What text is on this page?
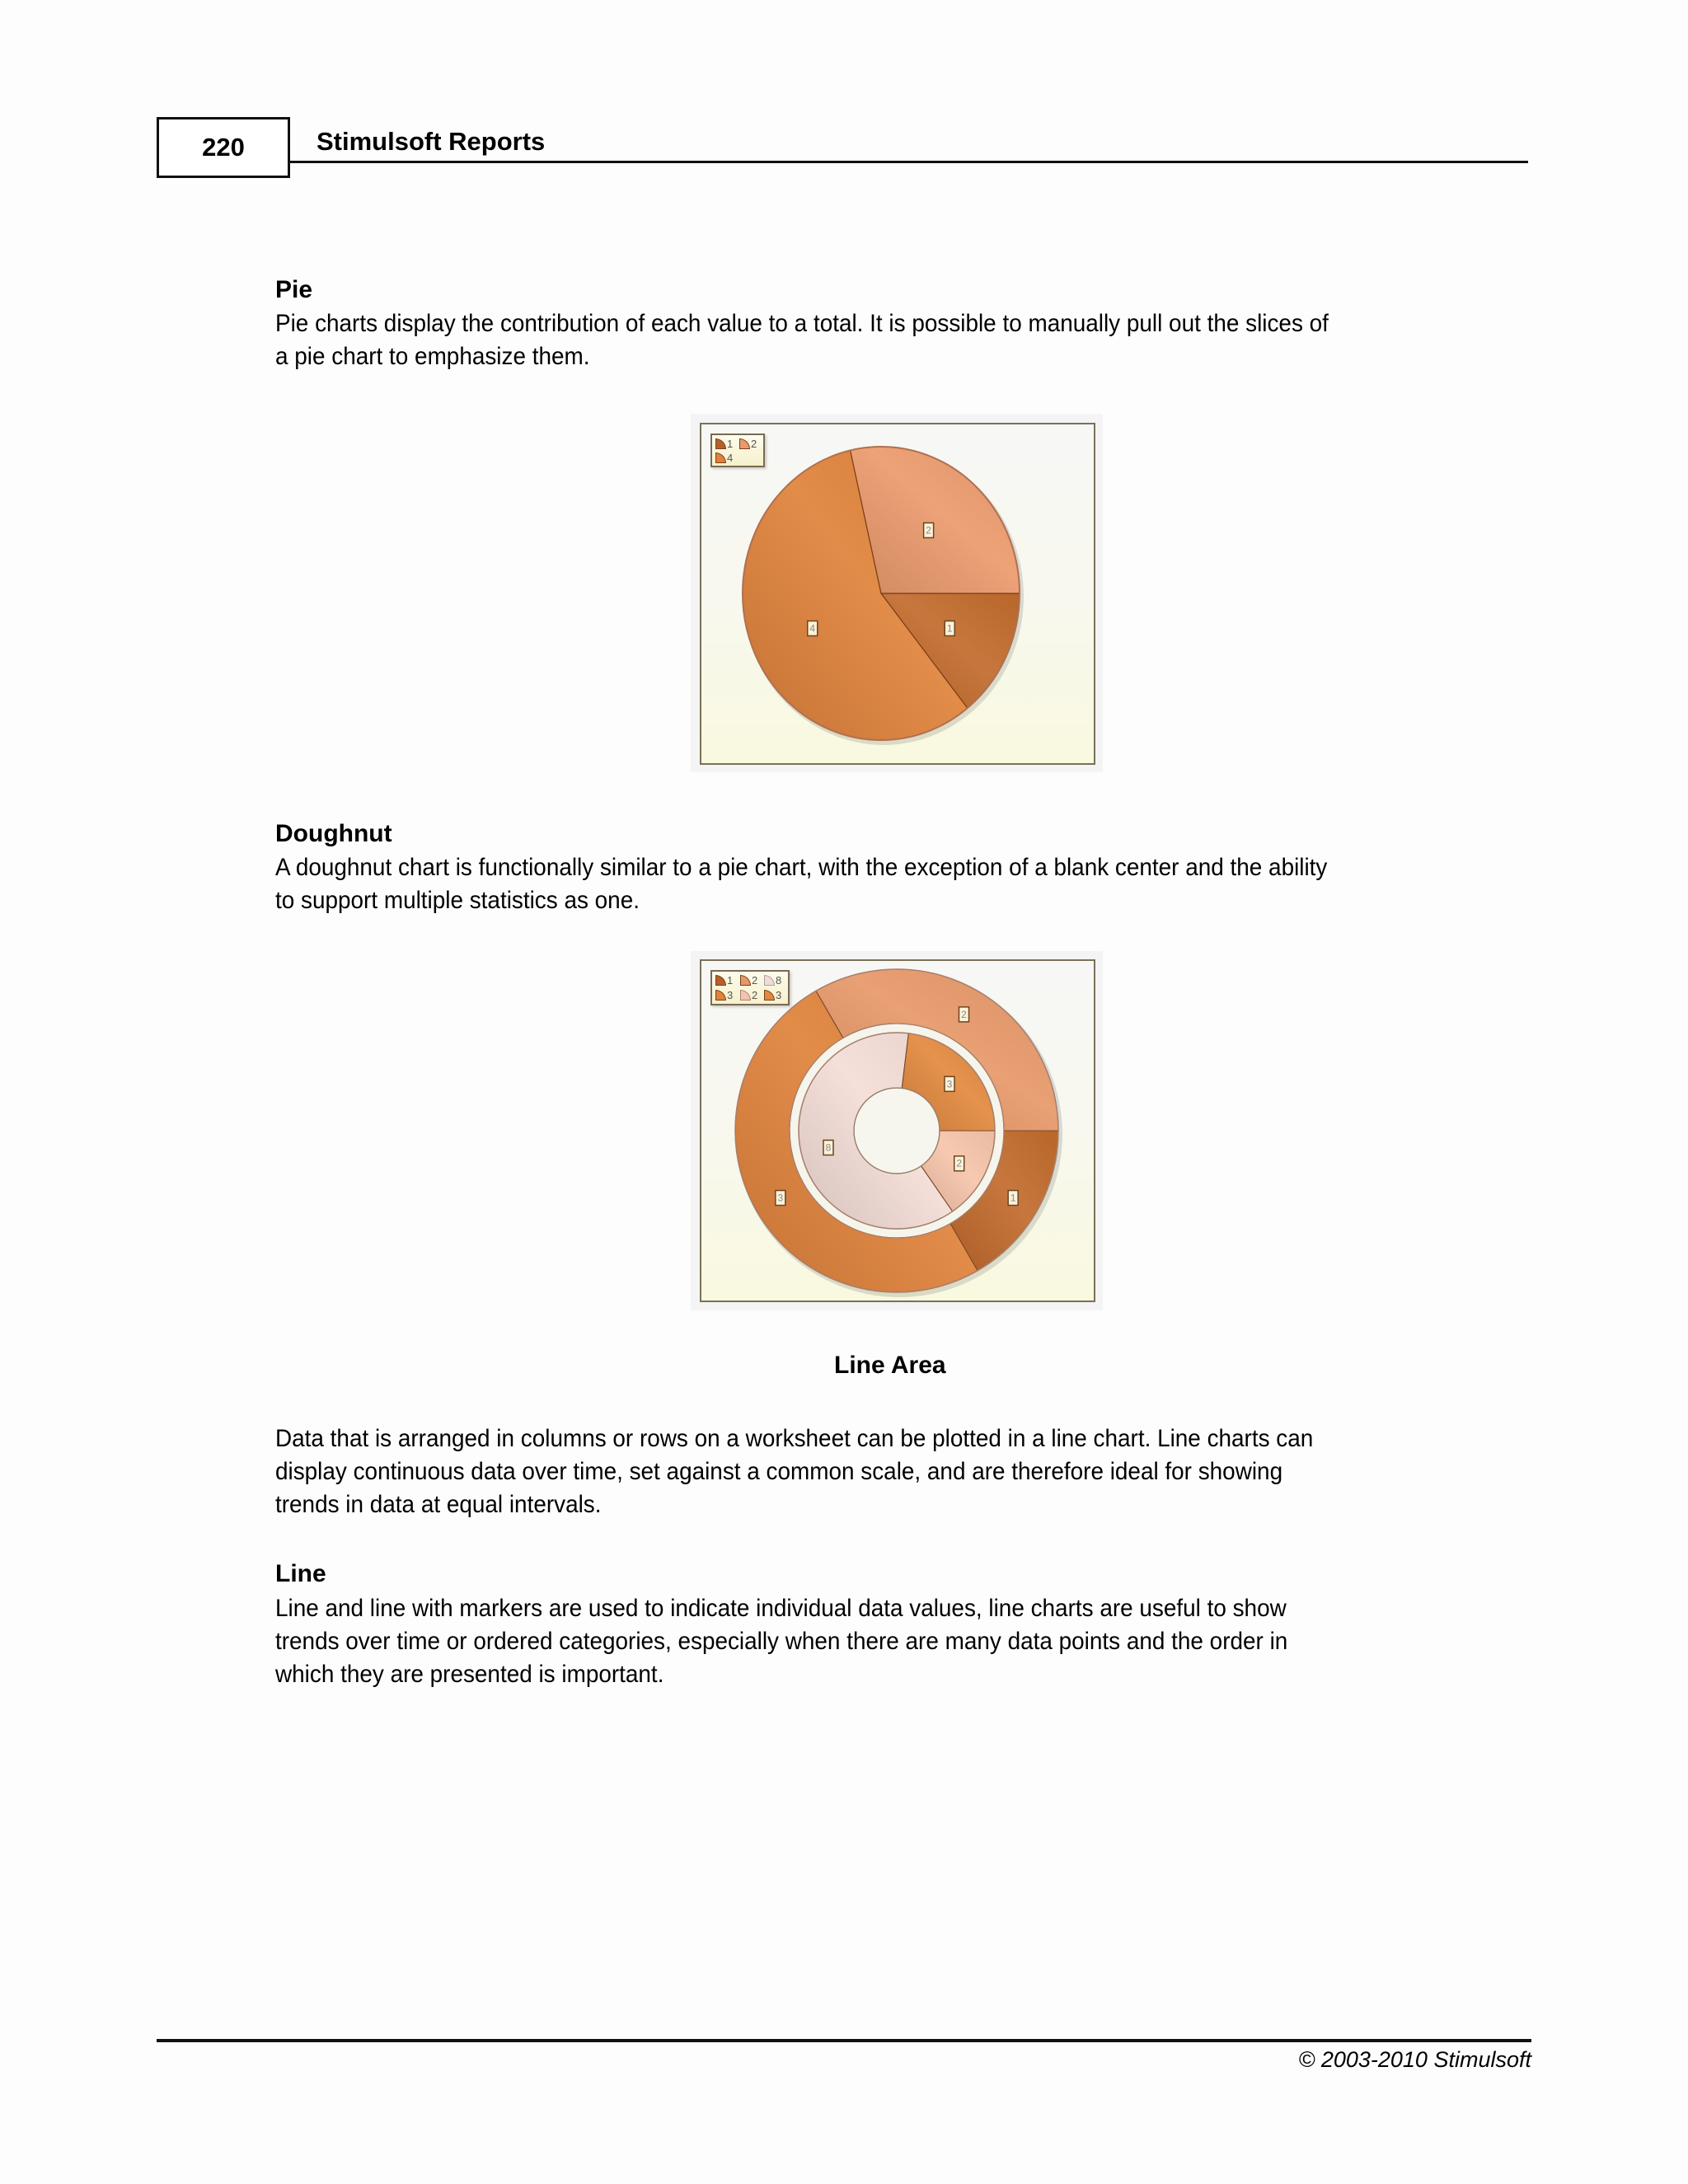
220	Stimulsoft Reports
Pie
Pie charts display the contribution of each value to a total. It is possible to manually pull out the slices of
a pie chart to emphasize them.
1
4
2
1 2
4
Doughnut
A doughnut chart is functionally similar to a pie chart, with the exception of a blank center and the ability
to support multiple statistics as one.
1
3
2
2
8
3
1 2 8
3 2 3
Line Area
Data that is arranged in columns or rows on a worksheet can be plotted in a line chart. Line charts can
display continuous data over time, set against a common scale, and are therefore ideal for showing
trends in data at equal intervals.
Line
Line and line with markers are used to indicate individual data values, line charts are useful to show
trends over time or ordered categories, especially when there are many data points and the order in
which they are presented is important.
© 2003-2010 Stimulsoft
